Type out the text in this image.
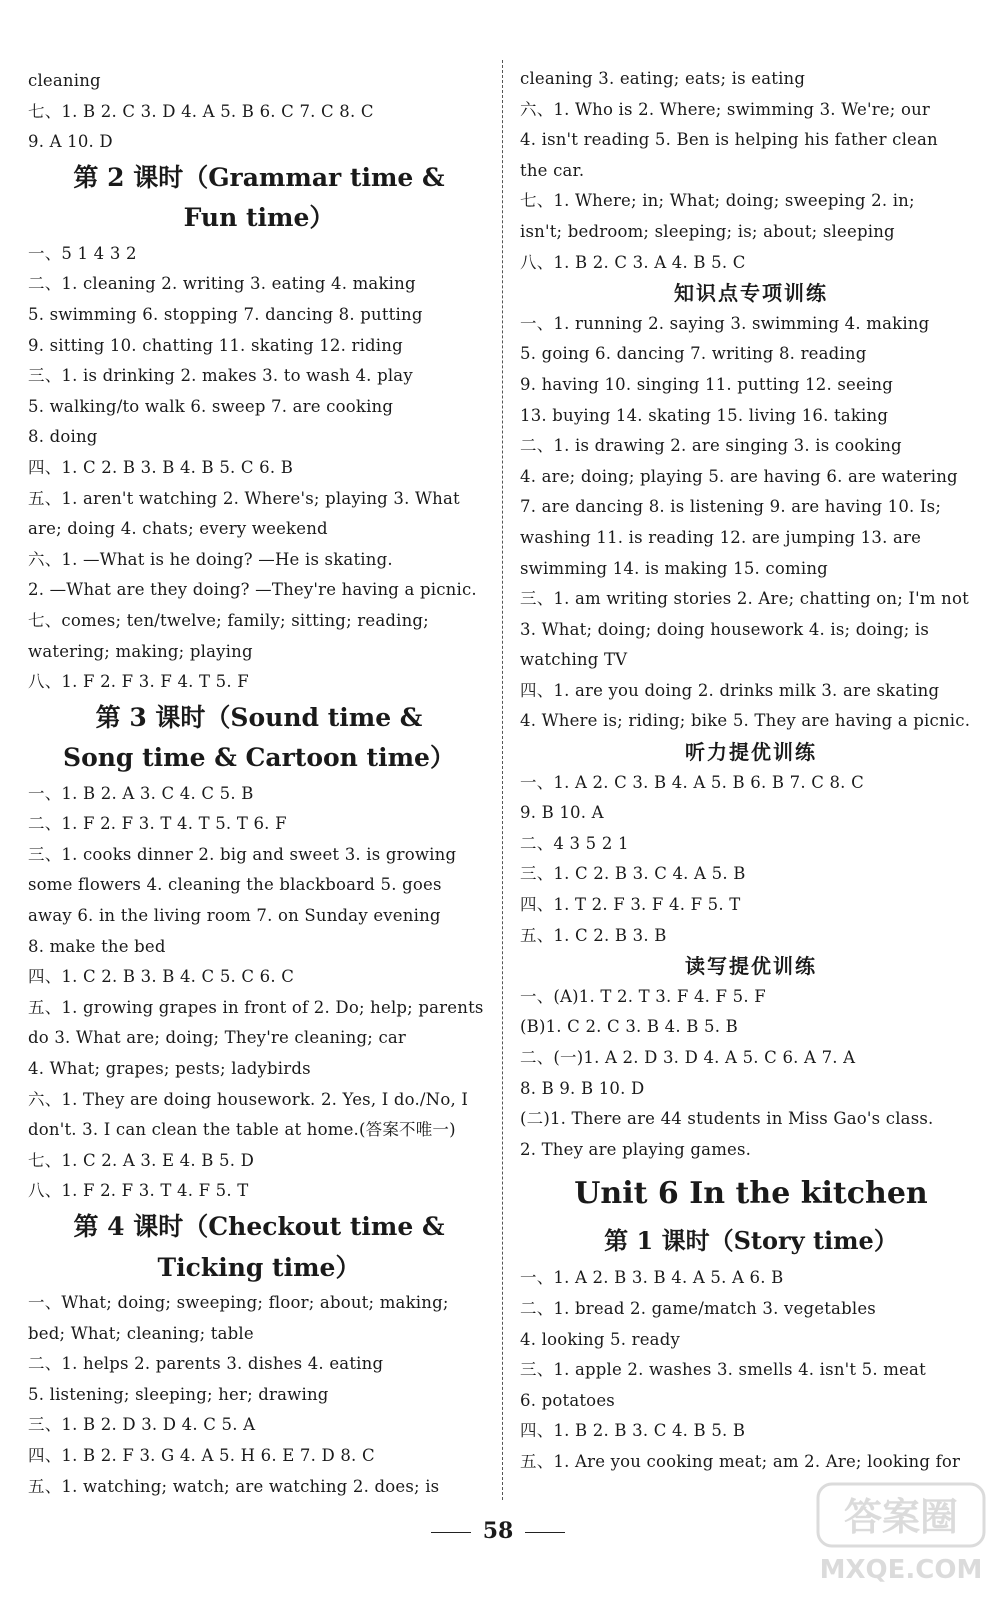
cleaning
七、1. B 2. C 3. D 4. A 5. B 6. C 7. C 8. C
9. A 10. D
第 2 课时（Grammar time &
Fun time）
一、5 1 4 3 2
二、1. cleaning 2. writing 3. eating 4. making
5. swimming 6. stopping 7. dancing 8. putting
9. sitting 10. chatting 11. skating 12. riding
三、1. is drinking 2. makes 3. to wash 4. play
5. walking/to walk 6. sweep 7. are cooking
8. doing
四、1. C 2. B 3. B 4. B 5. C 6. B
五、1. aren't watching 2. Where's; playing 3. What
are; doing 4. chats; every weekend
六、1. —What is he doing? —He is skating.
2. —What are they doing? —They're having a picnic.
七、comes; ten/twelve; family; sitting; reading;
watering; making; playing
八、1. F 2. F 3. F 4. T 5. F
第 3 课时（Sound time &
Song time & Cartoon time）
一、1. B 2. A 3. C 4. C 5. B
二、1. F 2. F 3. T 4. T 5. T 6. F
三、1. cooks dinner 2. big and sweet 3. is growing
some flowers 4. cleaning the blackboard 5. goes
away 6. in the living room 7. on Sunday evening
8. make the bed
四、1. C 2. B 3. B 4. C 5. C 6. C
五、1. growing grapes in front of 2. Do; help; parents
do 3. What are; doing; They're cleaning; car
4. What; grapes; pests; ladybirds
六、1. They are doing housework. 2. Yes, I do./No, I
don't. 3. I can clean the table at home.(答案不唯一)
七、1. C 2. A 3. E 4. B 5. D
八、1. F 2. F 3. T 4. F 5. T
第 4 课时（Checkout time &
Ticking time）
一、What; doing; sweeping; floor; about; making;
bed; What; cleaning; table
二、1. helps 2. parents 3. dishes 4. eating
5. listening; sleeping; her; drawing
三、1. B 2. D 3. D 4. C 5. A
四、1. B 2. F 3. G 4. A 5. H 6. E 7. D 8. C
五、1. watching; watch; are watching 2. does; is
cleaning 3. eating; eats; is eating
六、1. Who is 2. Where; swimming 3. We're; our
4. isn't reading 5. Ben is helping his father clean
the car.
七、1. Where; in; What; doing; sweeping 2. in;
isn't; bedroom; sleeping; is; about; sleeping
八、1. B 2. C 3. A 4. B 5. C
知识点专项训练
一、1. running 2. saying 3. swimming 4. making
5. going 6. dancing 7. writing 8. reading
9. having 10. singing 11. putting 12. seeing
13. buying 14. skating 15. living 16. taking
二、1. is drawing 2. are singing 3. is cooking
4. are; doing; playing 5. are having 6. are watering
7. are dancing 8. is listening 9. are having 10. Is;
washing 11. is reading 12. are jumping 13. are
swimming 14. is making 15. coming
三、1. am writing stories 2. Are; chatting on; I'm not
3. What; doing; doing housework 4. is; doing; is
watching TV
四、1. are you doing 2. drinks milk 3. are skating
4. Where is; riding; bike 5. They are having a picnic.
听力提优训练
一、1. A 2. C 3. B 4. A 5. B 6. B 7. C 8. C
9. B 10. A
二、4 3 5 2 1
三、1. C 2. B 3. C 4. A 5. B
四、1. T 2. F 3. F 4. F 5. T
五、1. C 2. B 3. B
读写提优训练
一、(A)1. T 2. T 3. F 4. F 5. F
(B)1. C 2. C 3. B 4. B 5. B
二、(一)1. A 2. D 3. D 4. A 5. C 6. A 7. A
8. B 9. B 10. D
(二)1. There are 44 students in Miss Gao's class.
2. They are playing games.
Unit 6 In the kitchen
第 1 课时（Story time）
一、1. A 2. B 3. B 4. A 5. A 6. B
二、1. bread 2. game/match 3. vegetables
4. looking 5. ready
三、1. apple 2. washes 3. smells 4. isn't 5. meat
6. potatoes
四、1. B 2. B 3. C 4. B 5. B
五、1. Are you cooking meat; am 2. Are; looking for
58	答案圈
MXQE.COM
